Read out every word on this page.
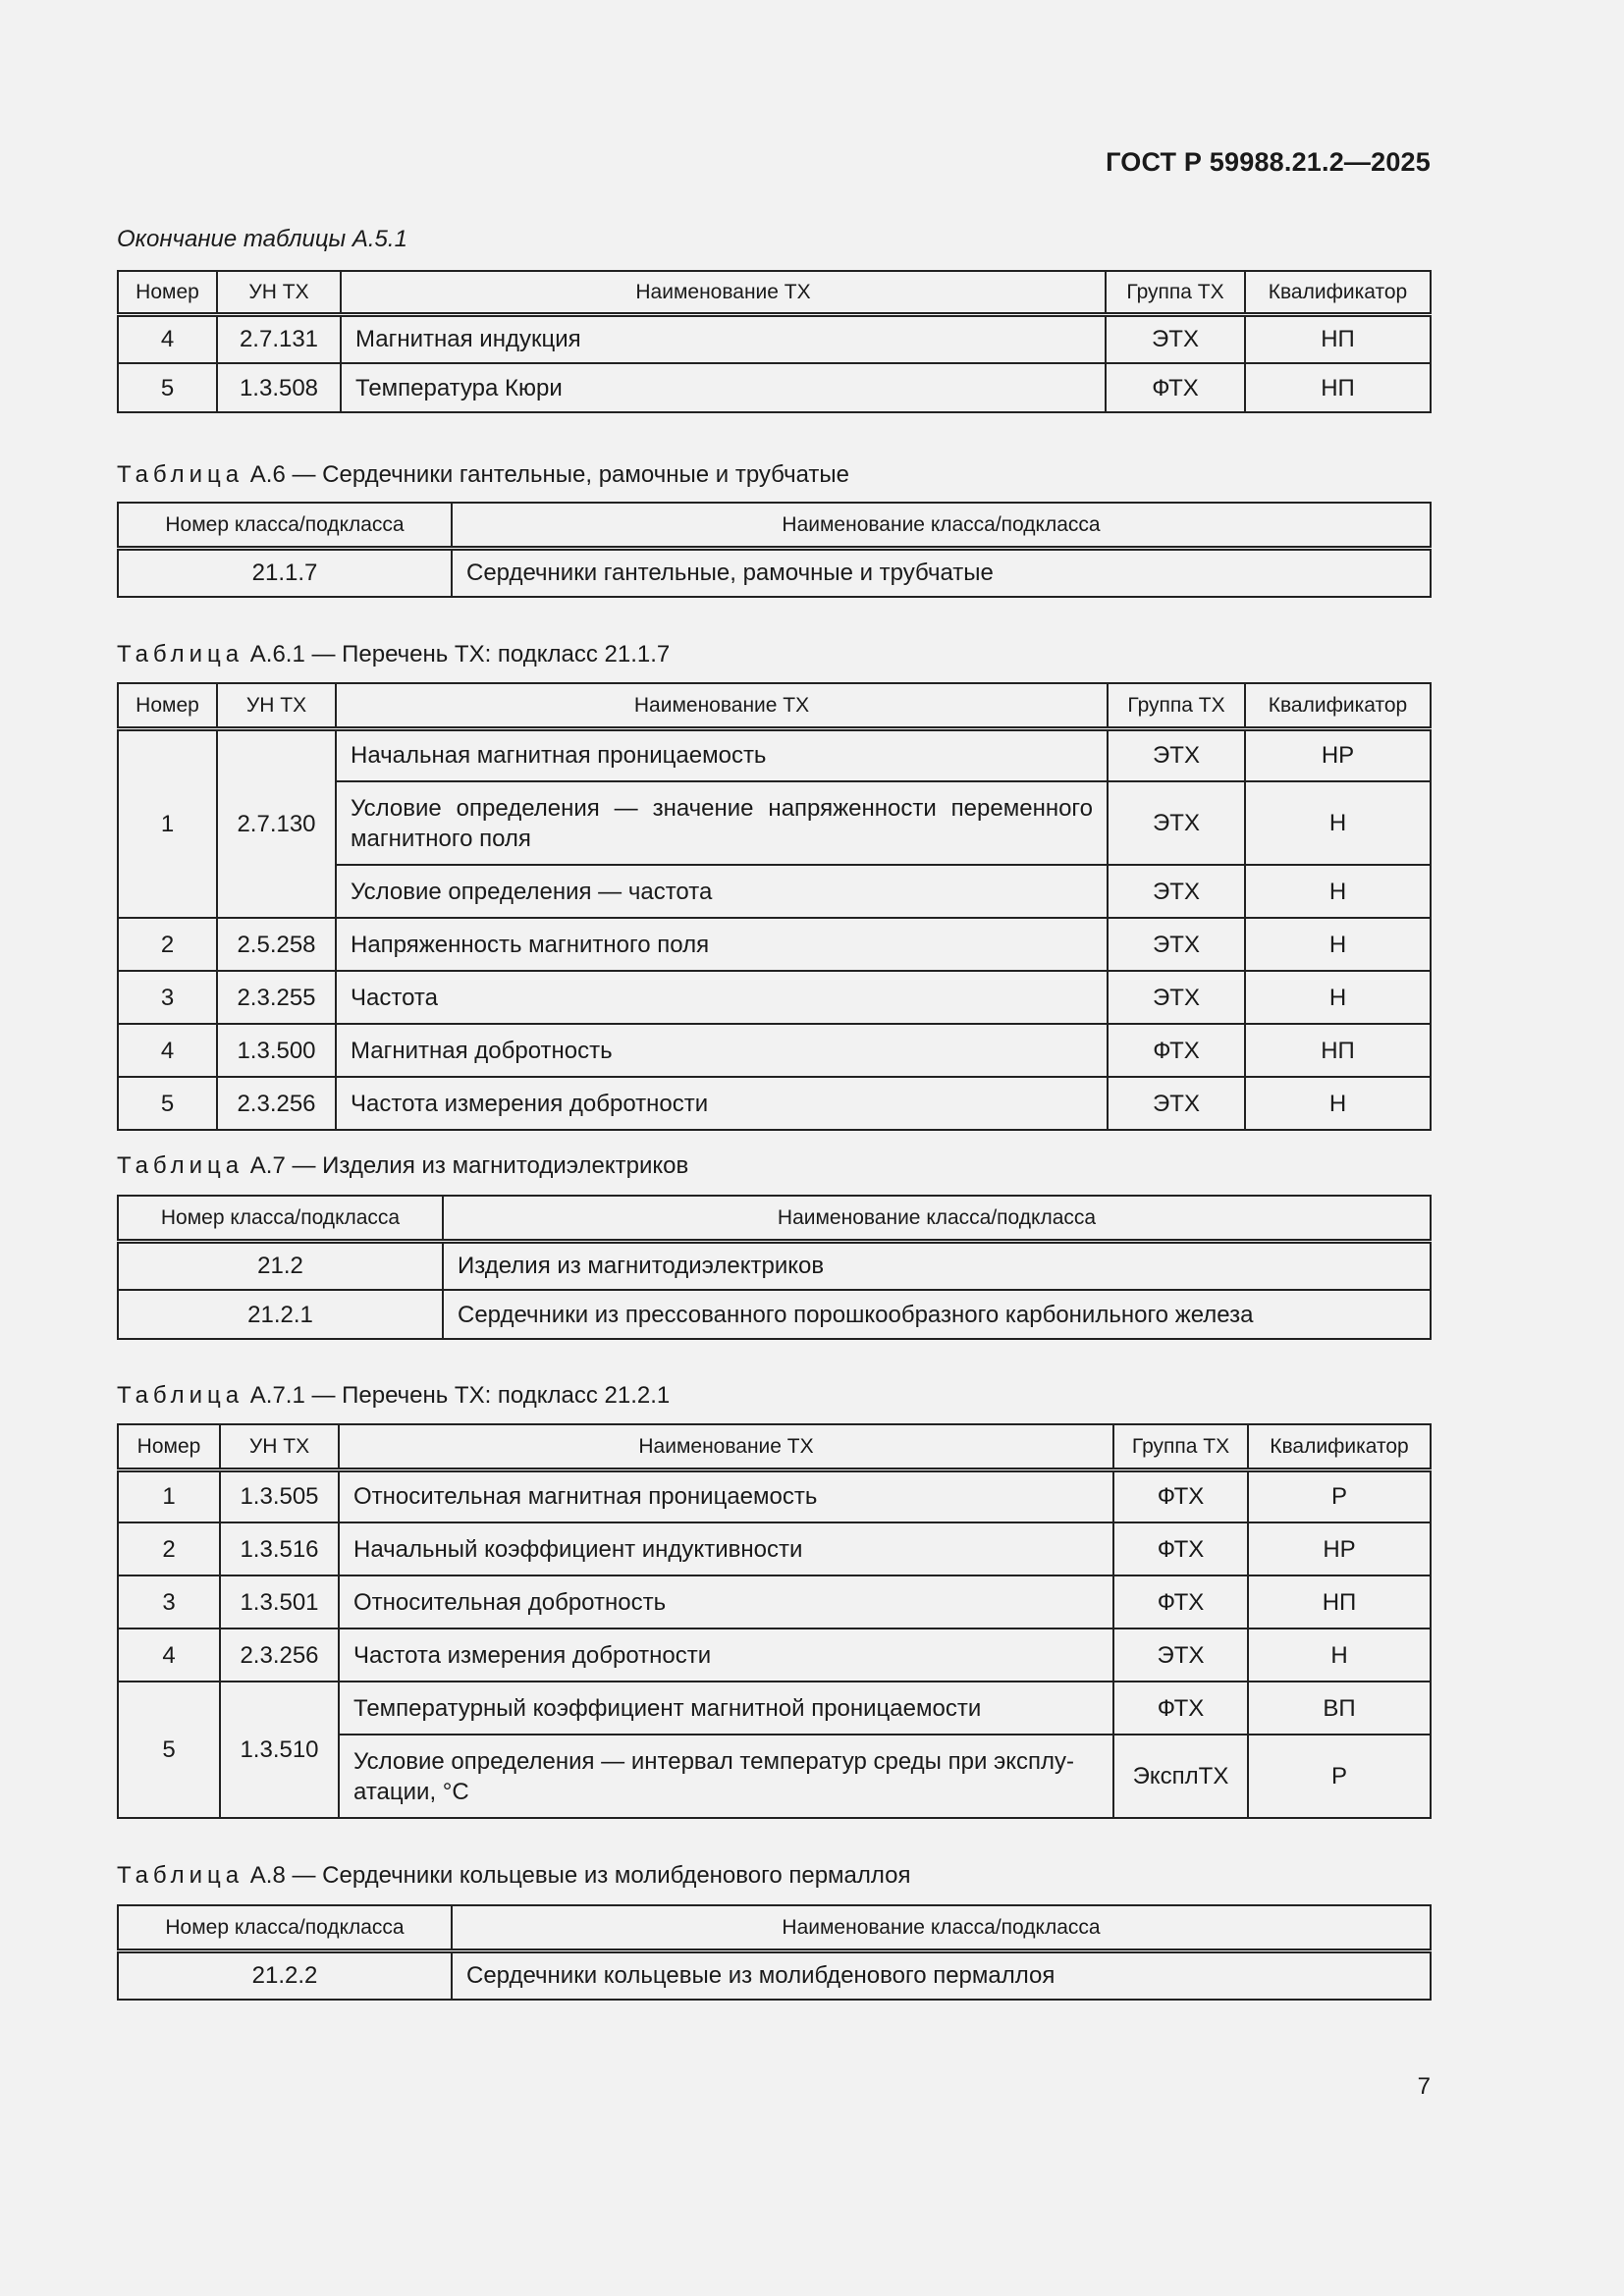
ГОСТ Р 59988.21.2—2025
Окончание таблицы А.5.1
Номер	УН ТХ	Наименование ТХ	Группа ТХ	Квалификатор
4	2.7.131	Магнитная индукция	ЭТХ	НП
5	1.3.508	Температура Кюри	ФТХ	НП
Таблица А.6 — Сердечники гантельные, рамочные и трубчатые
Номер класса/подкласса	Наименование класса/подкласса
21.1.7	Сердечники гантельные, рамочные и трубчатые
Таблица А.6.1 — Перечень ТХ: подкласс 21.1.7
Номер	УН ТХ	Наименование ТХ	Группа ТХ	Квалификатор
1	2.7.130	Начальная магнитная проницаемость	ЭТХ	НР
		Условие определения — значение напряженности переменного магнитного поля	ЭТХ	Н
		Условие определения — частота	ЭТХ	Н
2	2.5.258	Напряженность магнитного поля	ЭТХ	Н
3	2.3.255	Частота	ЭТХ	Н
4	1.3.500	Магнитная добротность	ФТХ	НП
5	2.3.256	Частота измерения добротности	ЭТХ	Н
Таблица А.7 — Изделия из магнитодиэлектриков
Номер класса/подкласса	Наименование класса/подкласса
21.2	Изделия из магнитодиэлектриков
21.2.1	Сердечники из прессованного порошкообразного карбонильного железа
Таблица А.7.1 — Перечень ТХ: подкласс 21.2.1
Номер	УН ТХ	Наименование ТХ	Группа ТХ	Квалификатор
1	1.3.505	Относительная магнитная проницаемость	ФТХ	Р
2	1.3.516	Начальный коэффициент индуктивности	ФТХ	НР
3	1.3.501	Относительная добротность	ФТХ	НП
4	2.3.256	Частота измерения добротности	ЭТХ	Н
5	1.3.510	Температурный коэффициент магнитной проницаемости	ФТХ	ВП
		Условие определения — интервал температур среды при эксплу-атации, °С	ЭксплТХ	Р
Таблица А.8 — Сердечники кольцевые из молибденового пермаллоя
Номер класса/подкласса	Наименование класса/подкласса
21.2.2	Сердечники кольцевые из молибденового пермаллоя
7
